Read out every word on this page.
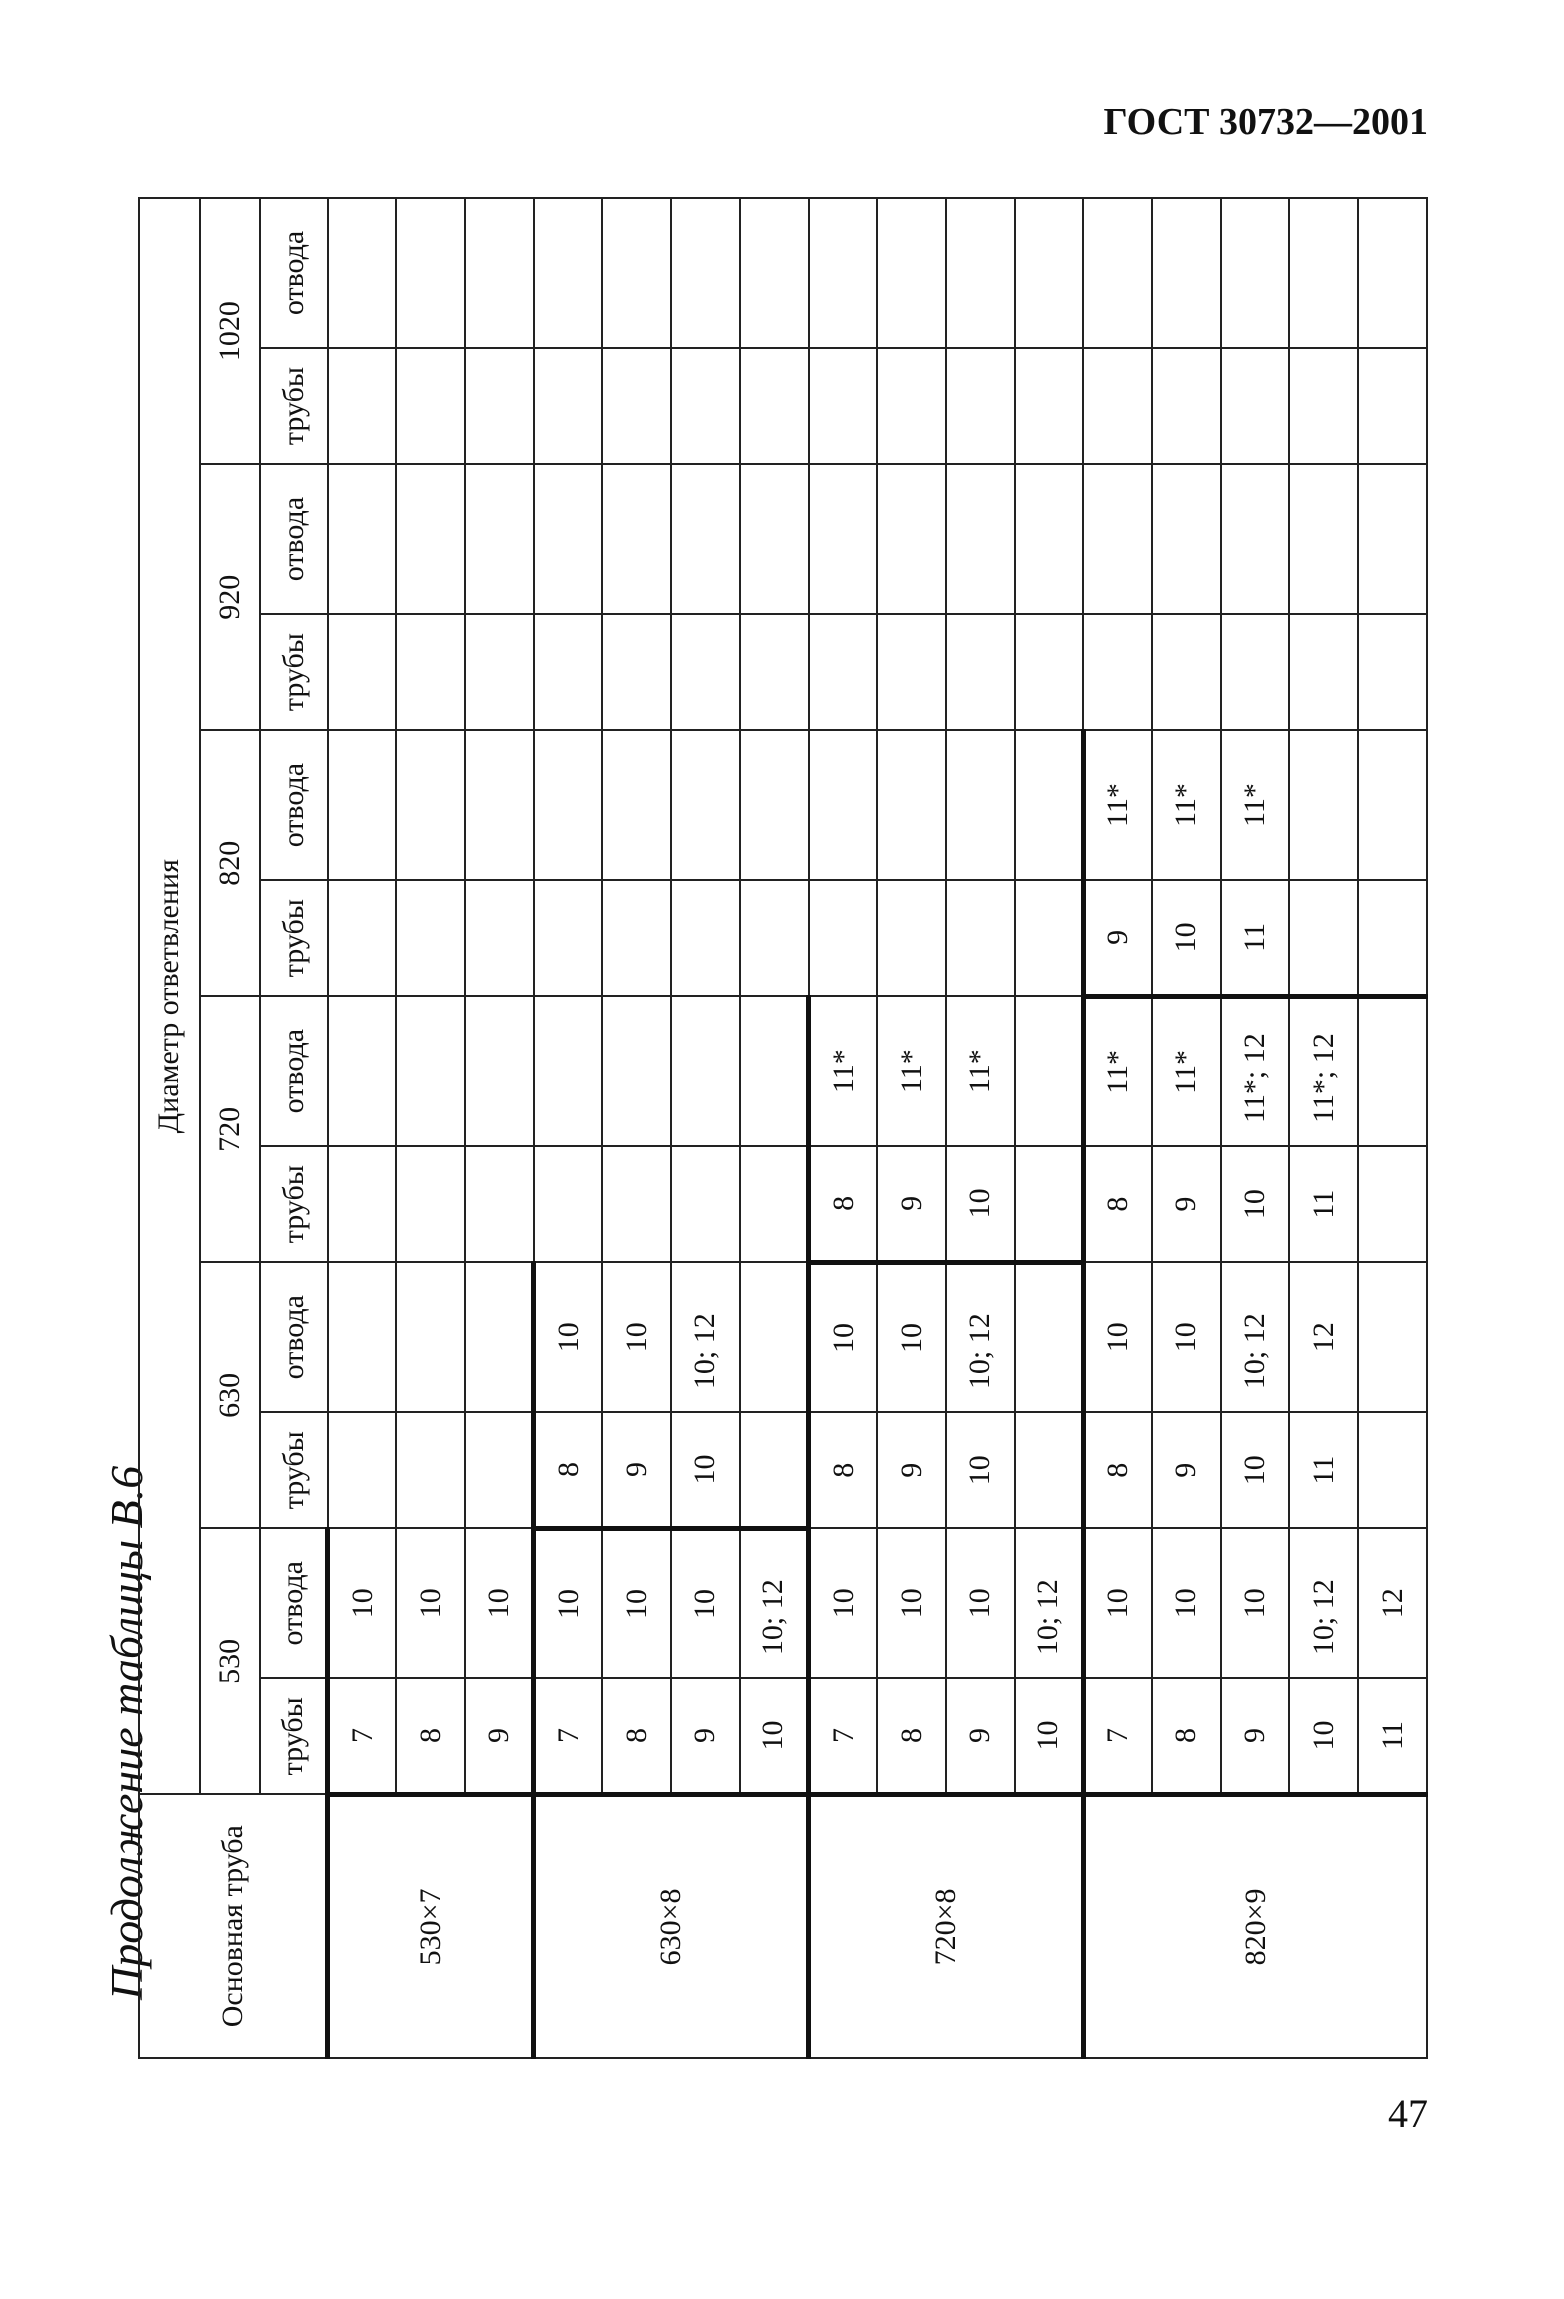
ГОСТ 30732—2001
Продолжение таблицы В.6
47
Основная труба	Диаметр ответвления											
	530		630		720		820		920		1020	
	трубы	отвода	трубы	отвода	трубы	отвода	трубы	отвода	трубы	отвода	трубы	отвода
530×7	7	10										
	8	10										
	9	10										
630×8	7	10	8	10								
	8	10	9	10								
	9	10	10	10; 12								
	10	10; 12										
720×8	7	10	8	10	8	11*						
	8	10	9	10	9	11*						
	9	10	10	10; 12	10	11*						
	10	10; 12										
820×9	7	10	8	10	8	11*	9	11*				
	8	10	9	10	9	11*	10	11*				
	9	10	10	10; 12	10	11*; 12	11	11*				
	10	10; 12	11	12	11	11*; 12						
	11	12										
